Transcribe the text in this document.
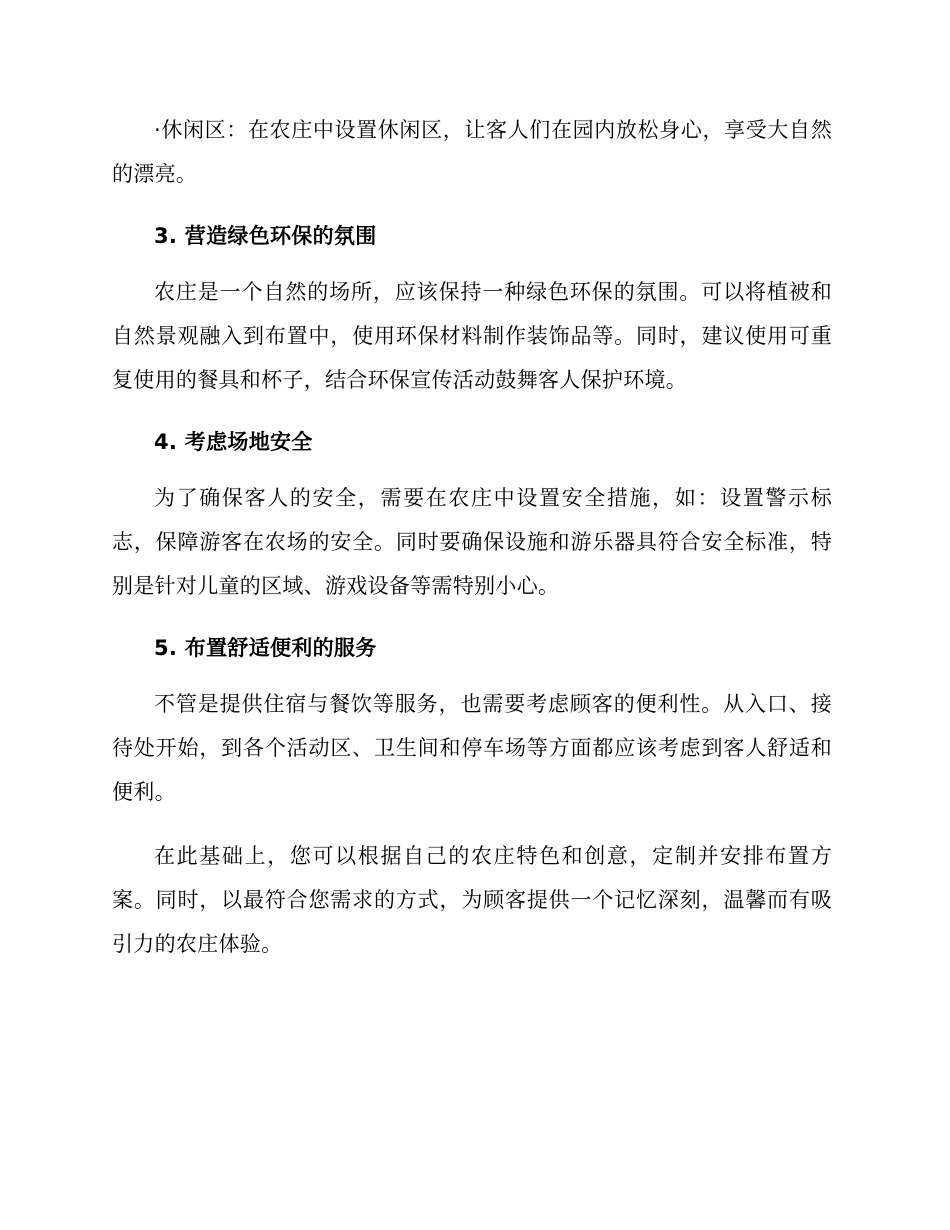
·休闲区：在农庄中设置休闲区，让客人们在园内放松身心，享受大自然的漂亮。

3. 营造绿色环保的氛围

农庄是一个自然的场所，应该保持一种绿色环保的氛围。可以将植被和自然景观融入到布置中，使用环保材料制作装饰品等。同时，建议使用可重复使用的餐具和杯子，结合环保宣传活动鼓舞客人保护环境。

4. 考虑场地安全

为了确保客人的安全，需要在农庄中设置安全措施，如：设置警示标志，保障游客在农场的安全。同时要确保设施和游乐器具符合安全标准，特别是针对儿童的区域、游戏设备等需特别小心。

5. 布置舒适便利的服务

不管是提供住宿与餐饮等服务，也需要考虑顾客的便利性。从入口、接待处开始，到各个活动区、卫生间和停车场等方面都应该考虑到客人舒适和便利。

在此基础上，您可以根据自己的农庄特色和创意，定制并安排布置方案。同时，以最符合您需求的方式，为顾客提供一个记忆深刻，温馨而有吸引力的农庄体验。
